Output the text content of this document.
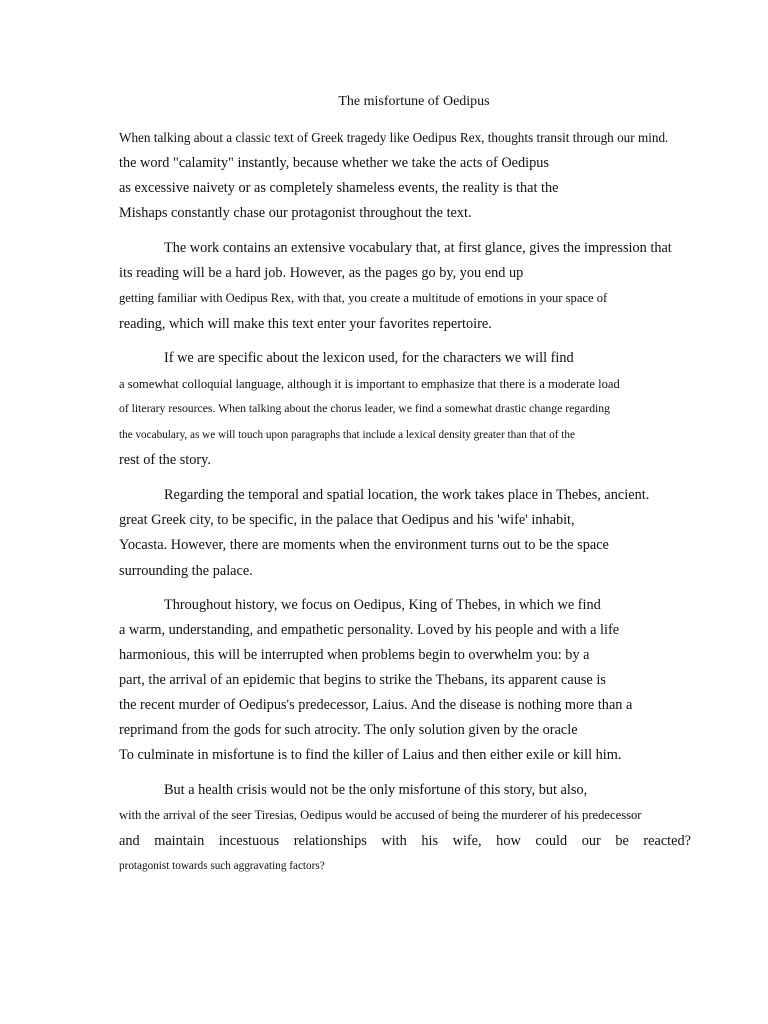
The misfortune of Oedipus
When talking about a classic text of Greek tragedy like Oedipus Rex, thoughts transit through our mind.
the word "calamity" instantly, because whether we take the acts of Oedipus
as excessive naivety or as completely shameless events, the reality is that the
Mishaps constantly chase our protagonist throughout the text.
The work contains an extensive vocabulary that, at first glance, gives the impression that
its reading will be a hard job. However, as the pages go by, you end up
getting familiar with Oedipus Rex, with that, you create a multitude of emotions in your space of
reading, which will make this text enter your favorites repertoire.
If we are specific about the lexicon used, for the characters we will find
a somewhat colloquial language, although it is important to emphasize that there is a moderate load
of literary resources. When talking about the chorus leader, we find a somewhat drastic change regarding
the vocabulary, as we will touch upon paragraphs that include a lexical density greater than that of the
rest of the story.
Regarding the temporal and spatial location, the work takes place in Thebes, ancient.
great Greek city, to be specific, in the palace that Oedipus and his 'wife' inhabit,
Yocasta. However, there are moments when the environment turns out to be the space
surrounding the palace.
Throughout history, we focus on Oedipus, King of Thebes, in which we find
a warm, understanding, and empathetic personality. Loved by his people and with a life
harmonious, this will be interrupted when problems begin to overwhelm you: by a
part, the arrival of an epidemic that begins to strike the Thebans, its apparent cause is
the recent murder of Oedipus's predecessor, Laius. And the disease is nothing more than a
reprimand from the gods for such atrocity. The only solution given by the oracle
To culminate in misfortune is to find the killer of Laius and then either exile or kill him.
But a health crisis would not be the only misfortune of this story, but also,
with the arrival of the seer Tiresias, Oedipus would be accused of being the murderer of his predecessor
and maintain incestuous relationships with his wife, how could our be reacted?
protagonist towards such aggravating factors?
